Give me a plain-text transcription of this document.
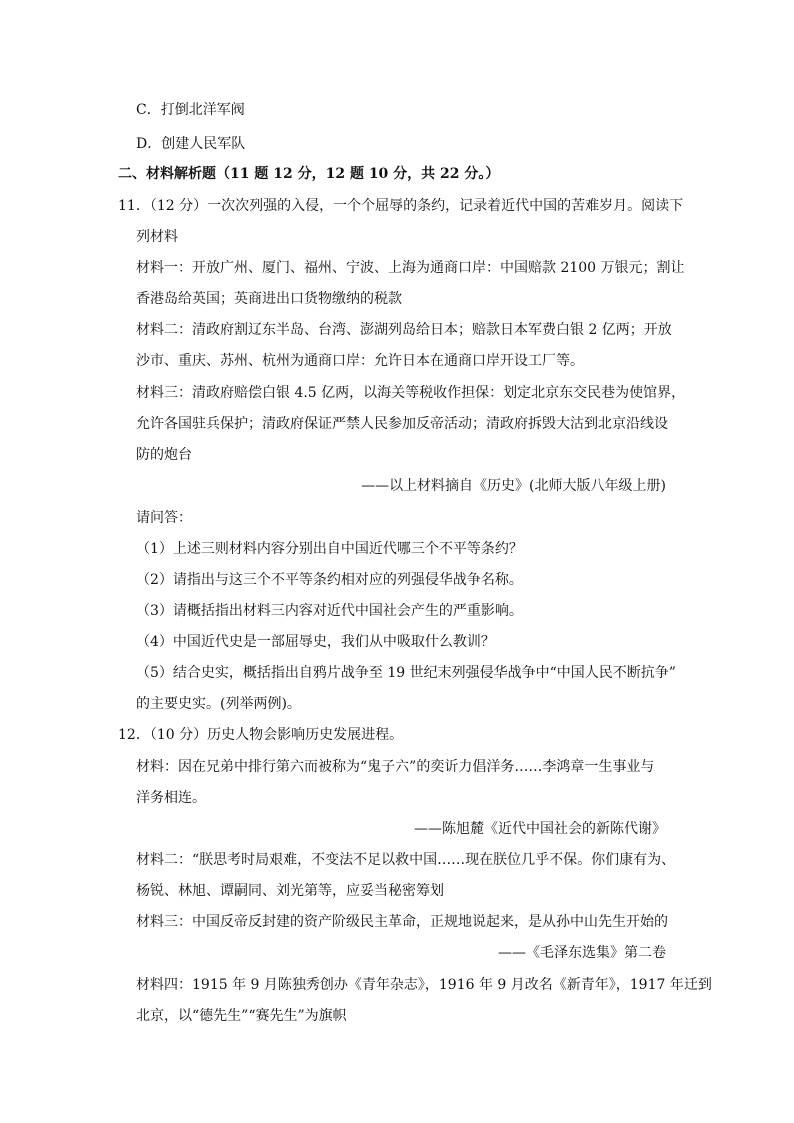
C．打倒北洋军阀
D．创建人民军队
二、材料解析题（11 题 12 分，12 题 10 分，共 22 分。）
11．（12 分）一次次列强的入侵，一个个屈辱的条约，记录着近代中国的苦难岁月。阅读下
列材料
材料一：开放广州、厦门、福州、宁波、上海为通商口岸：中国赔款 2100 万银元；割让
香港岛给英国；英商进出口货物缴纳的税款
材料二：清政府割辽东半岛、台湾、澎湖列岛给日本；赔款日本军费白银 2 亿两；开放
沙市、重庆、苏州、杭州为通商口岸：允许日本在通商口岸开设工厂等。
材料三：清政府赔偿白银 4.5 亿两，以海关等税收作担保：划定北京东交民巷为使馆界，
允许各国驻兵保护；清政府保证严禁人民参加反帝活动；清政府拆毁大沽到北京沿线设
防的炮台
——以上材料摘自《历史》(北师大版八年级上册)
请问答：
（1）上述三则材料内容分别出自中国近代哪三个不平等条约？
（2）请指出与这三个不平等条约相对应的列强侵华战争名称。
（3）请概括指出材料三内容对近代中国社会产生的严重影响。
（4）中国近代史是一部屈辱史，我们从中吸取什么教训？
（5）结合史实，概括指出自鸦片战争至 19 世纪末列强侵华战争中“中国人民不断抗争”
的主要史实。(列举两例)。
12．（10 分）历史人物会影响历史发展进程。
材料：因在兄弟中排行第六而被称为“鬼子六”的奕䜣力倡洋务……李鸿章一生事业与
洋务相连。
——陈旭麓《近代中国社会的新陈代谢》
材料二：“朕思考时局艰难，不变法不足以救中国……现在朕位几乎不保。你们康有为、
杨锐、林旭、谭嗣同、刘光第等，应妥当秘密筹划
材料三：中国反帝反封建的资产阶级民主革命，正规地说起来，是从孙中山先生开始的
——《毛泽东选集》第二卷
材料四：1915 年 9 月陈独秀创办《青年杂志》，1916 年 9 月改名《新青年》，1917 年迁到
北京，以“德先生”“赛先生”为旗帜
